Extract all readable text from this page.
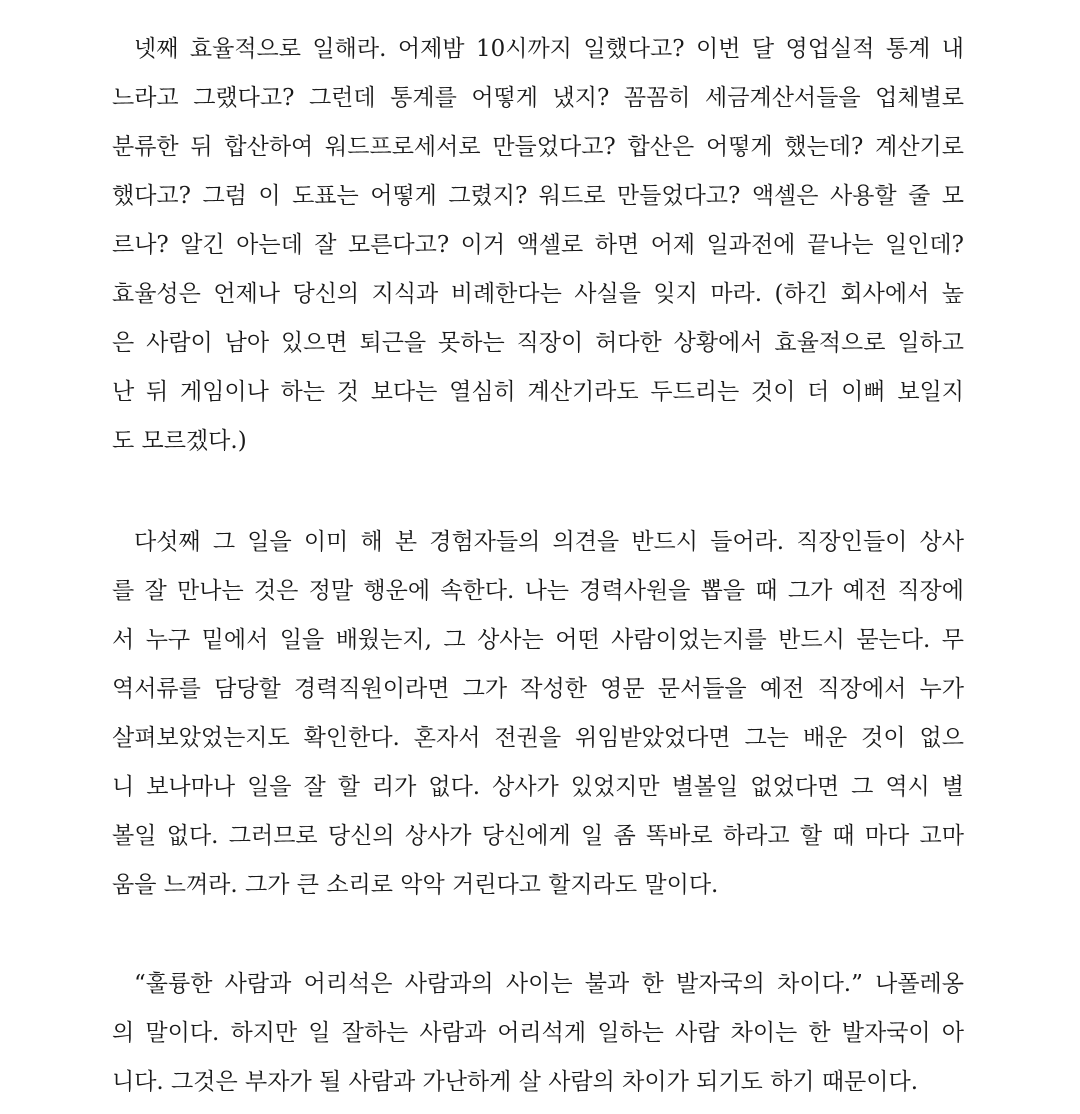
넷째 효율적으로 일해라. 어제밤 10시까지 일했다고? 이번 달 영업실적 통계 내
느라고 그랬다고? 그런데 통계를 어떻게 냈지? 꼼꼼히 세금계산서들을 업체별로
분류한 뒤 합산하여 워드프로세서로 만들었다고? 합산은 어떻게 했는데? 계산기로
했다고? 그럼 이 도표는 어떻게 그렸지? 워드로 만들었다고? 액셀은 사용할 줄 모
르나? 알긴 아는데 잘 모른다고? 이거 액셀로 하면 어제 일과전에 끝나는 일인데?
효율성은 언제나 당신의 지식과 비례한다는 사실을 잊지 마라. (하긴 회사에서 높
은 사람이 남아 있으면 퇴근을 못하는 직장이 허다한 상황에서 효율적으로 일하고
난 뒤 게임이나 하는 것 보다는 열심히 계산기라도 두드리는 것이 더 이뻐 보일지
도 모르겠다.)
다섯째 그 일을 이미 해 본 경험자들의 의견을 반드시 들어라. 직장인들이 상사
를 잘 만나는 것은 정말 행운에 속한다. 나는 경력사원을 뽑을 때 그가 예전 직장에
서 누구 밑에서 일을 배웠는지, 그 상사는 어떤 사람이었는지를 반드시 묻는다. 무
역서류를 담당할 경력직원이라면 그가 작성한 영문 문서들을 예전 직장에서 누가
살펴보았었는지도 확인한다. 혼자서 전권을 위임받았었다면 그는 배운 것이 없으
니 보나마나 일을 잘 할 리가 없다. 상사가 있었지만 별볼일 없었다면 그 역시 별
볼일 없다. 그러므로 당신의 상사가 당신에게 일 좀 똑바로 하라고 할 때 마다 고마
움을 느껴라. 그가 큰 소리로 악악 거린다고 할지라도 말이다.
“훌륭한 사람과 어리석은 사람과의 사이는 불과 한 발자국의 차이다.” 나폴레옹
의 말이다. 하지만 일 잘하는 사람과 어리석게 일하는 사람 차이는 한 발자국이 아
니다. 그것은 부자가 될 사람과 가난하게 살 사람의 차이가 되기도 하기 때문이다.
